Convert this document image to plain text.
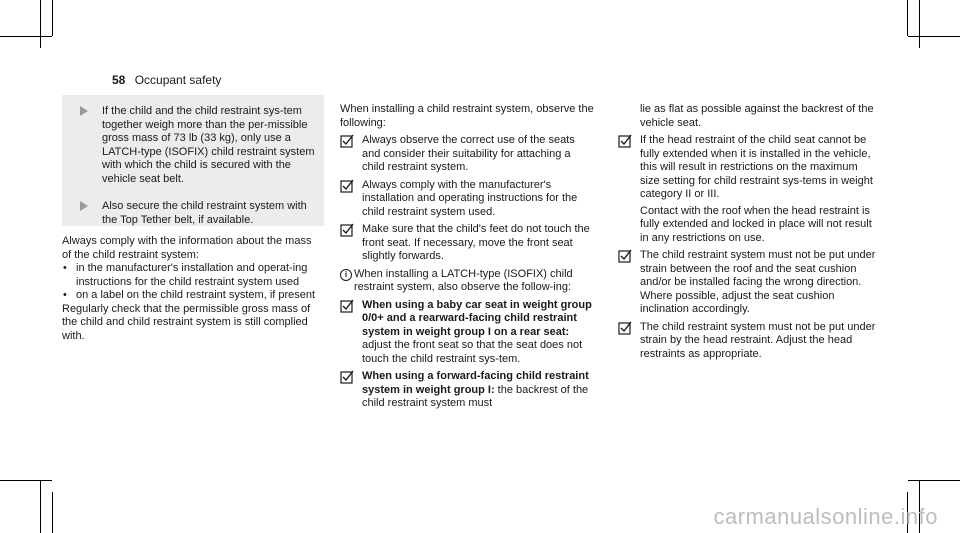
58 Occupant safety

If the child and the child restraint sys-tem together weigh more than the per-missible gross mass of 73 lb (33 kg), only use a LATCH-type (ISOFIX) child restraint system with which the child is secured with the vehicle seat belt.

Also secure the child restraint system with the Top Tether belt, if available.

Always comply with the information about the mass of the child restraint system:

• in the manufacturer's installation and operat-ing instructions for the child restraint system used

• on a label on the child restraint system, if present

Regularly check that the permissible gross mass of the child and child restraint system is still complied with.

When installing a child restraint system, observe the following:

Always observe the correct use of the seats and consider their suitability for attaching a child restraint system.

Always comply with the manufacturer's installation and operating instructions for the child restraint system used.

Make sure that the child's feet do not touch the front seat. If necessary, move the front seat slightly forwards.

i When installing a LATCH-type (ISOFIX) child restraint system, also observe the follow-ing:

When using a baby car seat in weight group 0/0+ and a rearward-facing child restraint system in weight group I on a rear seat: adjust the front seat so that the seat does not touch the child restraint sys-tem.

When using a forward-facing child restraint system in weight group I: the backrest of the child restraint system must

lie as flat as possible against the backrest of the vehicle seat.

If the head restraint of the child seat cannot be fully extended when it is installed in the vehicle, this will result in restrictions on the maximum size setting for child restraint sys-tems in weight category II or III.

Contact with the roof when the head restraint is fully extended and locked in place will not result in any restrictions on use.

The child restraint system must not be put under strain between the roof and the seat cushion and/or be installed facing the wrong direction. Where possible, adjust the seat cushion inclination accordingly.

The child restraint system must not be put under strain by the head restraint. Adjust the head restraints as appropriate.

carmanualsonline.info
